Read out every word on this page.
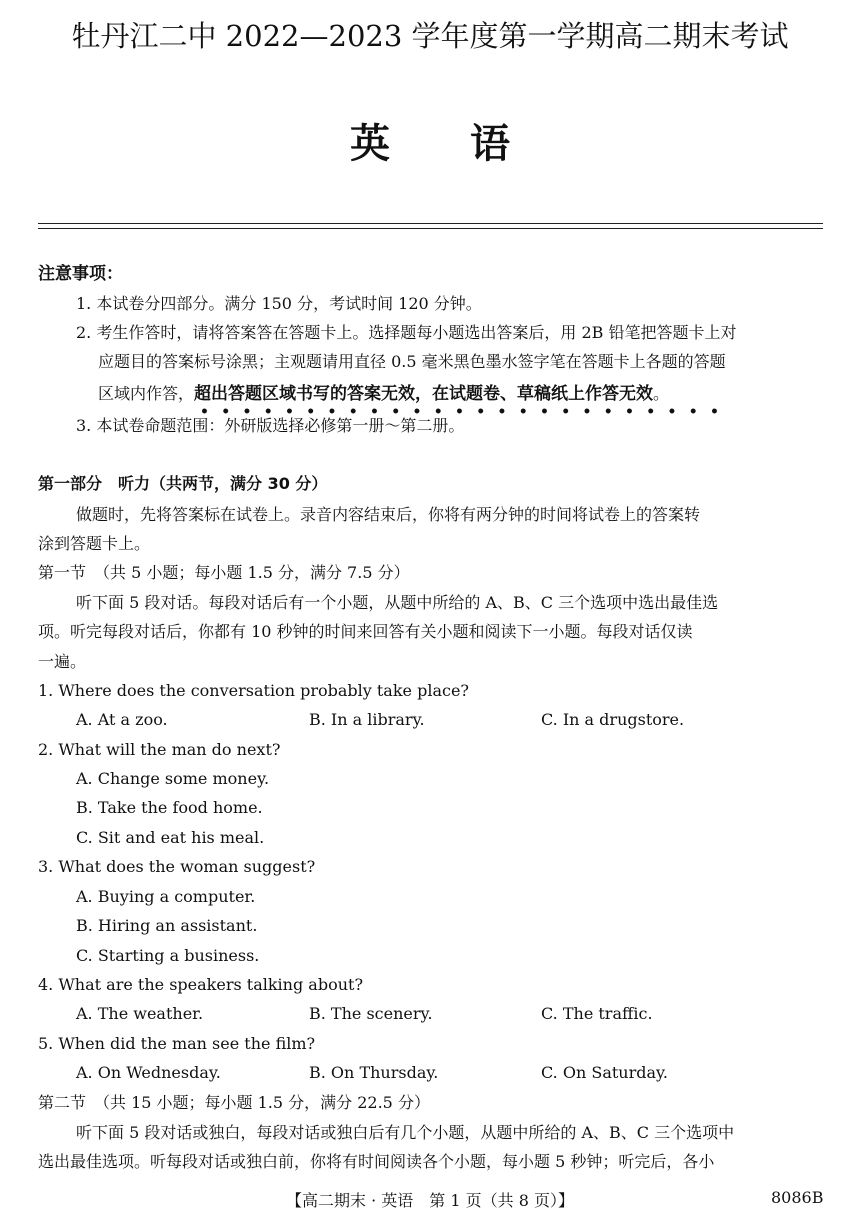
牡丹江二中 2022—2023 学年度第一学期高二期末考试
英语
注意事项：
1. 本试卷分四部分。满分 150 分，考试时间 120 分钟。
2. 考生作答时，请将答案答在答题卡上。选择题每小题选出答案后，用 2B 铅笔把答题卡上对
应题目的答案标号涂黑；主观题请用直径 0.5 毫米黑色墨水签字笔在答题卡上各题的答题
区域内作答，超出答题区域书写的答案无效，在试题卷、草稿纸上作答无效。
•••••••••••••••••••••••••
3. 本试卷命题范围：外研版选择必修第一册～第二册。
第一部分　听力（共两节，满分 30 分）
做题时，先将答案标在试卷上。录音内容结束后，你将有两分钟的时间将试卷上的答案转
涂到答题卡上。
第一节　（共 5 小题；每小题 1.5 分，满分 7.5 分）
听下面 5 段对话。每段对话后有一个小题，从题中所给的 A、B、C 三个选项中选出最佳选
项。听完每段对话后，你都有 10 秒钟的时间来回答有关小题和阅读下一小题。每段对话仅读
一遍。
1. Where does the conversation probably take place?
A. At a zoo.	B. In a library.	C. In a drugstore.
2. What will the man do next?
A. Change some money.
B. Take the food home.
C. Sit and eat his meal.
3. What does the woman suggest?
A. Buying a computer.
B. Hiring an assistant.
C. Starting a business.
4. What are the speakers talking about?
A. The weather.	B. The scenery.	C. The traffic.
5. When did the man see the film?
A. On Wednesday.	B. On Thursday.	C. On Saturday.
第二节　（共 15 小题；每小题 1.5 分，满分 22.5 分）
听下面 5 段对话或独白，每段对话或独白后有几个小题，从题中所给的 A、B、C 三个选项中
选出最佳选项。听每段对话或独白前，你将有时间阅读各个小题，每小题 5 秒钟；听完后，各小
【高二期末 · 英语　第 1 页（共 8 页）】	8086B
